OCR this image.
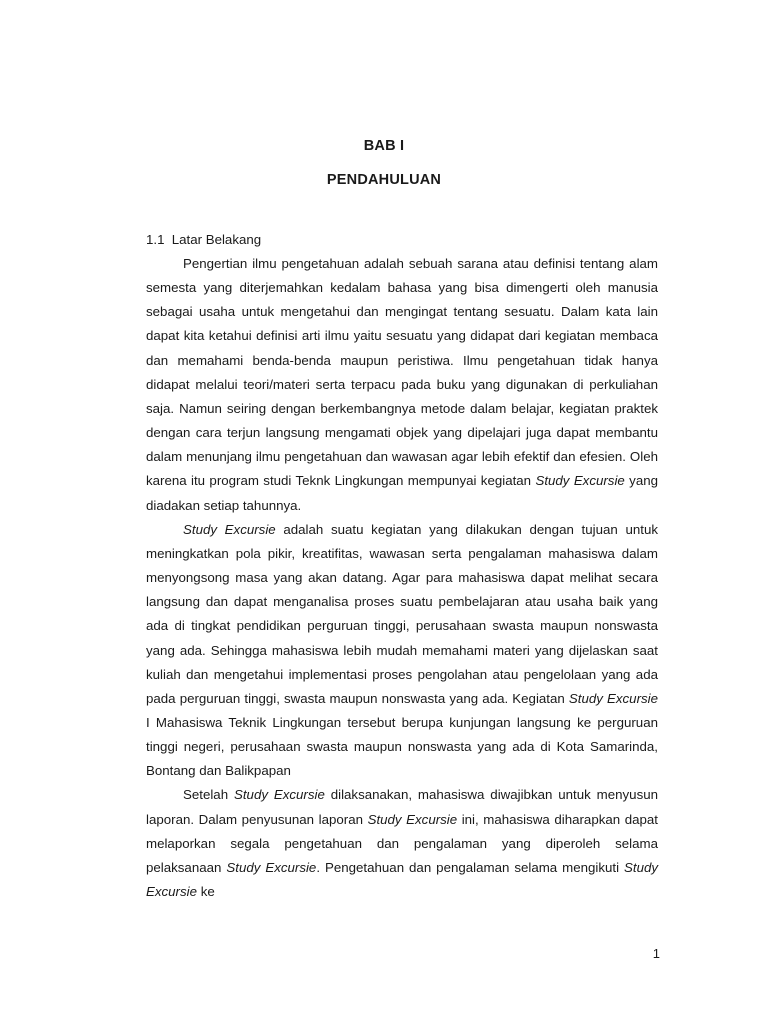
BAB I
PENDAHULUAN
1.1 Latar Belakang

Pengertian ilmu pengetahuan adalah sebuah sarana atau definisi tentang alam semesta yang diterjemahkan kedalam bahasa yang bisa dimengerti oleh manusia sebagai usaha untuk mengetahui dan mengingat tentang sesuatu. Dalam kata lain dapat kita ketahui definisi arti ilmu yaitu sesuatu yang didapat dari kegiatan membaca dan memahami benda-benda maupun peristiwa. Ilmu pengetahuan tidak hanya didapat melalui teori/materi serta terpacu pada buku yang digunakan di perkuliahan saja. Namun seiring dengan berkembangnya metode dalam belajar, kegiatan praktek dengan cara terjun langsung mengamati objek yang dipelajari juga dapat membantu dalam menunjang ilmu pengetahuan dan wawasan agar lebih efektif dan efesien. Oleh karena itu program studi Teknk Lingkungan mempunyai kegiatan Study Excursie yang diadakan setiap tahunnya.

Study Excursie adalah suatu kegiatan yang dilakukan dengan tujuan untuk meningkatkan pola pikir, kreatifitas, wawasan serta pengalaman mahasiswa dalam menyongsong masa yang akan datang. Agar para mahasiswa dapat melihat secara langsung dan dapat menganalisa proses suatu pembelajaran atau usaha baik yang ada di tingkat pendidikan perguruan tinggi, perusahaan swasta maupun nonswasta yang ada. Sehingga mahasiswa lebih mudah memahami materi yang dijelaskan saat kuliah dan mengetahui implementasi proses pengolahan atau pengelolaan yang ada pada perguruan tinggi, swasta maupun nonswasta yang ada. Kegiatan Study Excursie I Mahasiswa Teknik Lingkungan tersebut berupa kunjungan langsung ke perguruan tinggi negeri, perusahaan swasta maupun nonswasta yang ada di Kota Samarinda, Bontang dan Balikpapan

Setelah Study Excursie dilaksanakan, mahasiswa diwajibkan untuk menyusun laporan. Dalam penyusunan laporan Study Excursie ini, mahasiswa diharapkan dapat melaporkan segala pengetahuan dan pengalaman yang diperoleh selama pelaksanaan Study Excursie. Pengetahuan dan pengalaman selama mengikuti Study Excursie ke

1
